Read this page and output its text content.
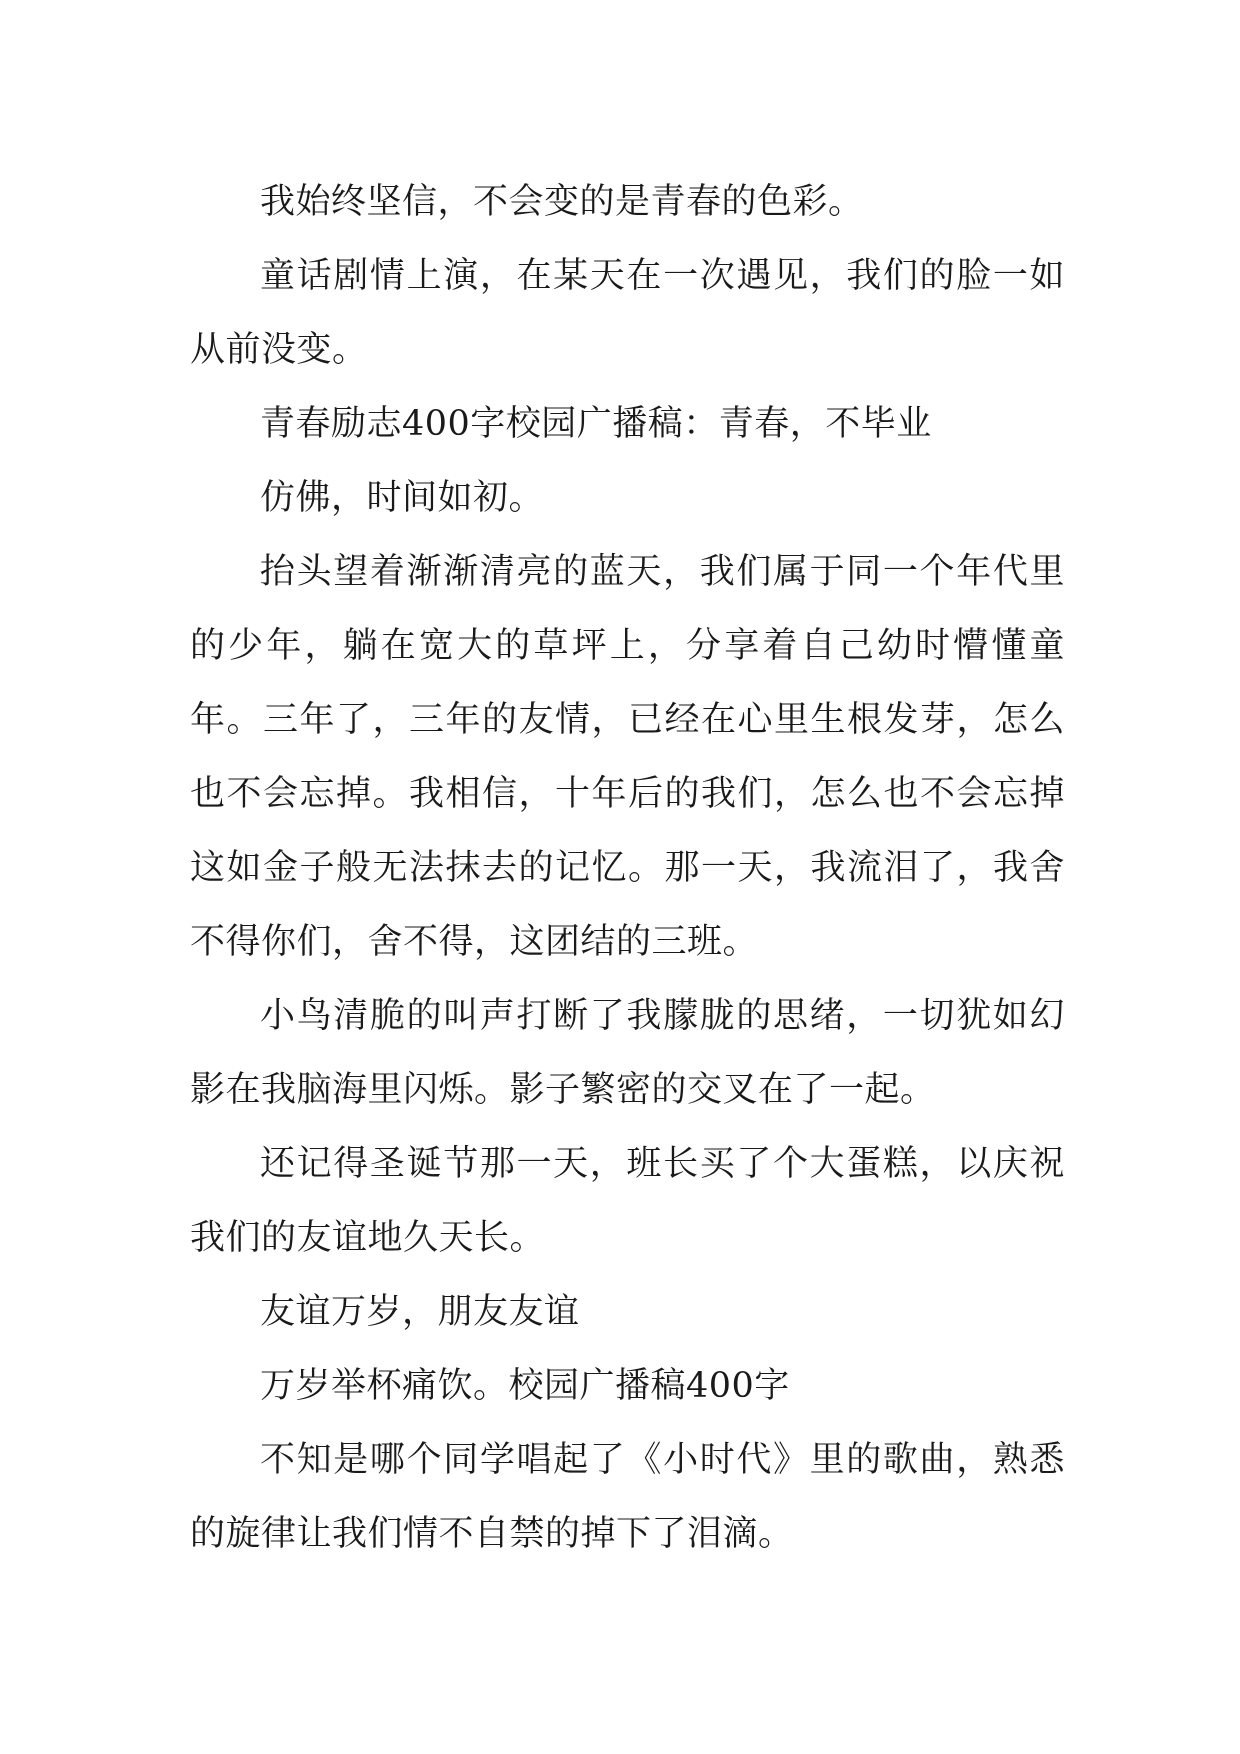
我始终坚信，不会变的是青春的色彩。

童话剧情上演，在某天在一次遇见，我们的脸一如从前没变。

青春励志400字校园广播稿：青春，不毕业

仿佛，时间如初。

抬头望着渐渐清亮的蓝天，我们属于同一个年代里的少年，躺在宽大的草坪上，分享着自己幼时懵懂童年。三年了，三年的友情，已经在心里生根发芽，怎么也不会忘掉。我相信，十年后的我们，怎么也不会忘掉这如金子般无法抹去的记忆。那一天，我流泪了，我舍不得你们，舍不得，这团结的三班。

小鸟清脆的叫声打断了我朦胧的思绪，一切犹如幻影在我脑海里闪烁。影子繁密的交叉在了一起。

还记得圣诞节那一天，班长买了个大蛋糕，以庆祝我们的友谊地久天长。

友谊万岁，朋友友谊

万岁举杯痛饮。校园广播稿400字

不知是哪个同学唱起了《小时代》里的歌曲，熟悉的旋律让我们情不自禁的掉下了泪滴。
